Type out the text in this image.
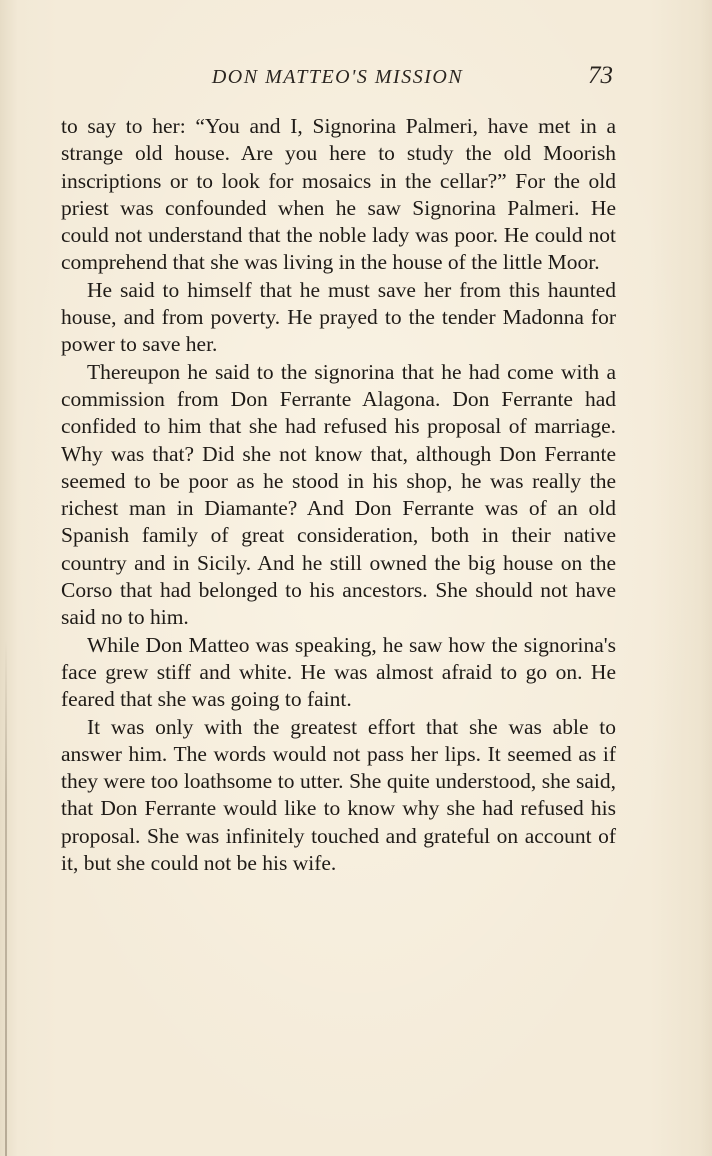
DON MATTEO'S MISSION	73

to say to her: “You and I, Signorina Palmeri, have met in a strange old house. Are you here to study the old Moorish inscriptions or to look for mosaics in the cellar?” For the old priest was confounded when he saw Signorina Palmeri. He could not understand that the noble lady was poor. He could not comprehend that she was living in the house of the little Moor.

He said to himself that he must save her from this haunted house, and from poverty. He prayed to the tender Madonna for power to save her.

Thereupon he said to the signorina that he had come with a commission from Don Ferrante Alagona. Don Ferrante had confided to him that she had refused his proposal of marriage. Why was that? Did she not know that, although Don Ferrante seemed to be poor as he stood in his shop, he was really the richest man in Diamante? And Don Ferrante was of an old Spanish family of great consideration, both in their native country and in Sicily. And he still owned the big house on the Corso that had belonged to his ancestors. She should not have said no to him.

While Don Matteo was speaking, he saw how the signorina's face grew stiff and white. He was almost afraid to go on. He feared that she was going to faint.

It was only with the greatest effort that she was able to answer him. The words would not pass her lips. It seemed as if they were too loathsome to utter. She quite understood, she said, that Don Ferrante would like to know why she had refused his proposal. She was infinitely touched and grateful on account of it, but she could not be his wife.
